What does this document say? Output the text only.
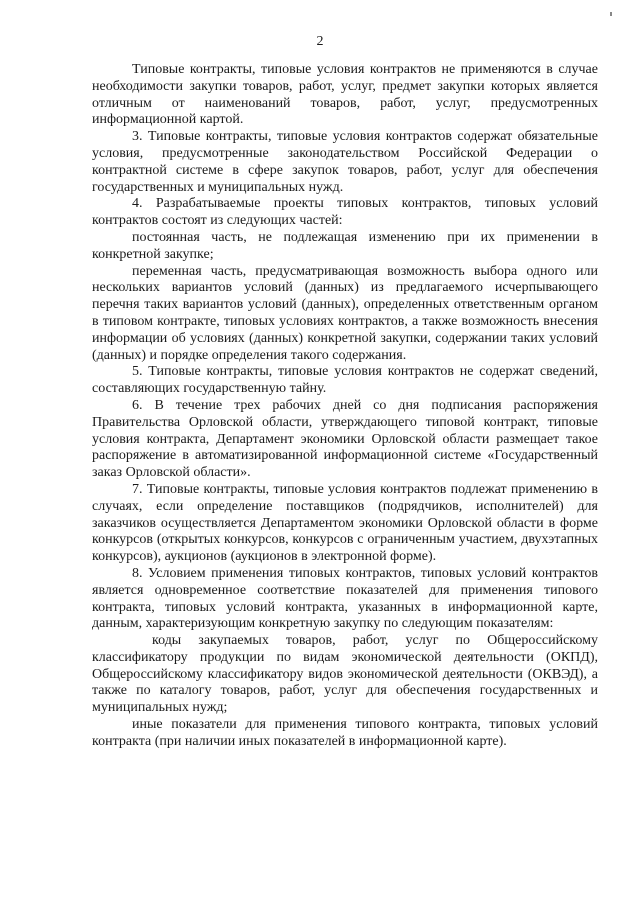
2

Типовые контракты, типовые условия контрактов не применяются в случае необходимости закупки товаров, работ, услуг, предмет закупки которых является отличным от наименований товаров, работ, услуг, предусмотренных информационной картой.

3. Типовые контракты, типовые условия контрактов содержат обязательные условия, предусмотренные законодательством Российской Федерации о контрактной системе в сфере закупок товаров, работ, услуг для обеспечения государственных и муниципальных нужд.

4. Разрабатываемые проекты типовых контрактов, типовых условий контрактов состоят из следующих частей:

постоянная часть, не подлежащая изменению при их применении в конкретной закупке;

переменная часть, предусматривающая возможность выбора одного или нескольких вариантов условий (данных) из предлагаемого исчерпывающего перечня таких вариантов условий (данных), определенных ответственным органом в типовом контракте, типовых условиях контрактов, а также возможность внесения информации об условиях (данных) конкретной закупки, содержании таких условий (данных) и порядке определения такого содержания.

5. Типовые контракты, типовые условия контрактов не содержат сведений, составляющих государственную тайну.

6. В течение трех рабочих дней со дня подписания распоряжения Правительства Орловской области, утверждающего типовой контракт, типовые условия контракта, Департамент экономики Орловской области размещает такое распоряжение в автоматизированной информационной системе «Государственный заказ Орловской области».

7. Типовые контракты, типовые условия контрактов подлежат применению в случаях, если определение поставщиков (подрядчиков, исполнителей) для заказчиков осуществляется Департаментом экономики Орловской области в форме конкурсов (открытых конкурсов, конкурсов с ограниченным участием, двухэтапных конкурсов), аукционов (аукционов в электронной форме).

8. Условием применения типовых контрактов, типовых условий контрактов является одновременное соответствие показателей для применения типового контракта, типовых условий контракта, указанных в информационной карте, данным, характеризующим конкретную закупку по следующим показателям:

коды закупаемых товаров, работ, услуг по Общероссийскому классификатору продукции по видам экономической деятельности (ОКПД), Общероссийскому классификатору видов экономической деятельности (ОКВЭД), а также по каталогу товаров, работ, услуг для обеспечения государственных и муниципальных нужд;

иные показатели для применения типового контракта, типовых условий контракта (при наличии иных показателей в информационной карте).
